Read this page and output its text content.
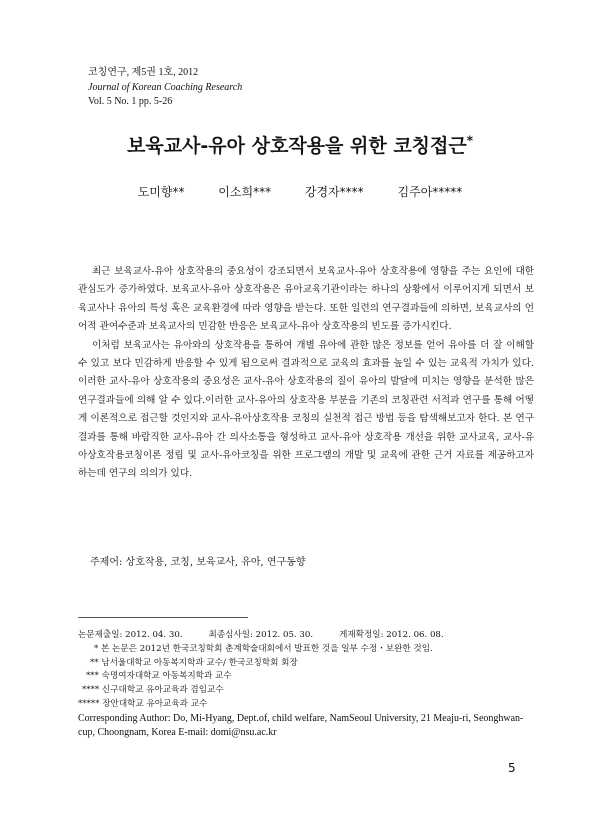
코칭연구, 제5권 1호, 2012
Journal of Korean Coaching Research
Vol. 5 No. 1 pp. 5-26
보육교사-유아 상호작용을 위한 코칭접근*
도미향**	이소희***	강경자****	김주아*****

최근 보육교사-유아 상호작용의 중요성이 강조되면서 보육교사-유아 상호작용에 영향을 주는 요인에 대한 관심도가 증가하였다. 보육교사-유아 상호작용은 유아교육기관이라는 하나의 상황에서 이루어지게 되면서 보육교사나 유아의 특성 혹은 교육환경에 따라 영향을 받는다. 또한 일련의 연구결과들에 의하면, 보육교사의 언어적 관여수준과 보육교사의 민감한 반응은 보육교사-유아 상호작용의 빈도를 증가시킨다.

이처럼 보육교사는 유아와의 상호작용을 통하여 개별 유아에 관한 많은 정보를 얻어 유아를 더 잘 이해할 수 있고 보다 민감하게 반응할 수 있게 됨으로써 결과적으로 교육의 효과를 높일 수 있는 교육적 가치가 있다. 이러한 교사-유아 상호작용의 중요성은 교사-유아 상호작용의 질이 유아의 발달에 미치는 영향을 분석한 많은 연구결과들에 의해 알 수 있다.이러한 교사-유아의 상호작용 부분을 기존의 코칭관련 서적과 연구를 통해 어떻게 이론적으로 접근할 것인지와 교사-유아상호작용 코칭의 실천적 접근 방법 등을 탐색해보고자 한다. 본 연구 결과를 통해 바람직한 교사-유아 간 의사소통을 형성하고 교사-유아 상호작용 개선을 위한 교사교육, 교사-유아상호작용코칭이론 정립 및 교사-유아코칭을 위한 프로그램의 개발 및 교육에 관한 근거 자료를 제공하고자하는데 연구의 의의가 있다.

주제어: 상호작용, 코칭, 보육교사, 유아, 연구동향
논문제출일: 2012. 04. 30.	최종심사일: 2012. 05. 30.	게재확정일: 2012. 06. 08.
* 본 논문은 2012년 한국코칭학회 춘계학술대회에서 발표한 것을 일부 수정・보완한 것임.
** 남서울대학교 아동복지학과 교수/ 한국코칭학회 회장
*** 숙명여자대학교 아동복지학과 교수
**** 신구대학교 유아교육과 겸임교수
***** 장안대학교 유아교육과 교수
Corresponding Author: Do, Mi-Hyang, Dept.of, child welfare, NamSeoul University, 21 Meaju-ri, Seonghwan-cup, Choongnam, Korea E-mail: domi@nsu.ac.kr
5
